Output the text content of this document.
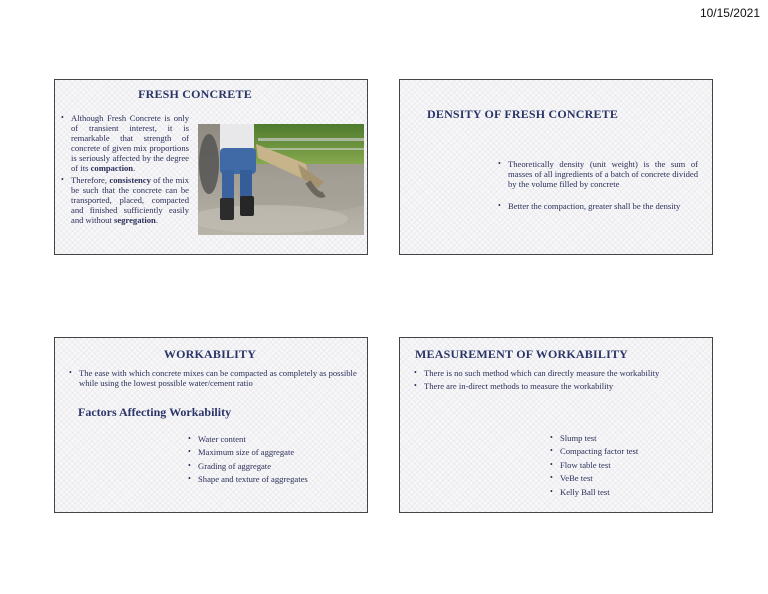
10/15/2021
FRESH CONCRETE
• Although Fresh Concrete is only of transient interest, it is remarkable that strength of concrete of given mix proportions is seriously affected by the degree of its compaction.
• Therefore, consistency of the mix be such that the concrete can be transported, placed, compacted and finished sufficiently easily and without segregation.
DENSITY OF FRESH CONCRETE
• Theoretically density (unit weight) is the sum of masses of all ingredients of a batch of concrete divided by the volume filled by concrete
• Better the compaction, greater shall be the density
WORKABILITY
• The ease with which concrete mixes can be compacted as completely as possible while using the lowest possible water/cement ratio
Factors Affecting Workability
• Water content
• Maximum size of aggregate
• Grading of aggregate
• Shape and texture of aggregates
MEASUREMENT OF WORKABILITY
• There is no such method which can directly measure the workability
• There are in-direct methods to measure the workability
• Slump test
• Compacting factor test
• Flow table test
• VeBe test
• Kelly Ball test
